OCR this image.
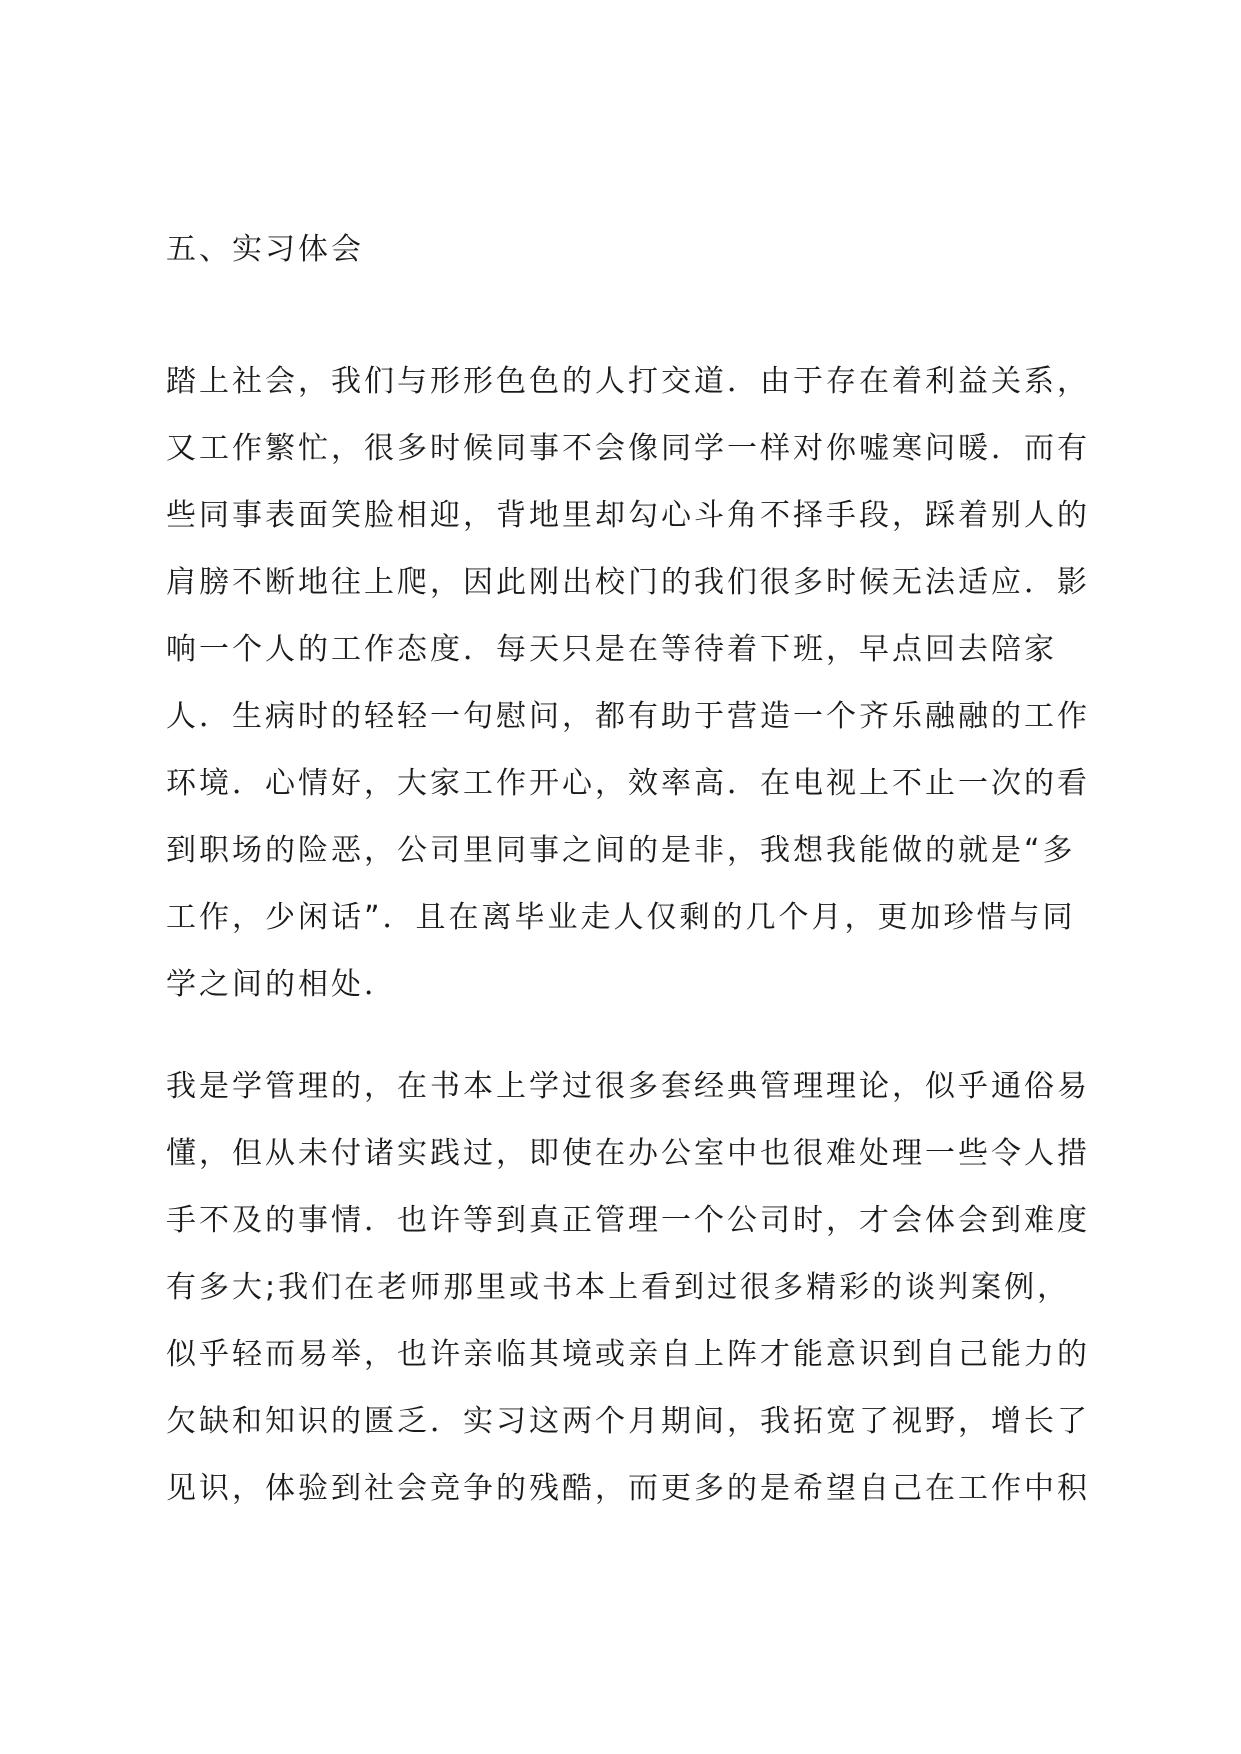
五、实习体会
踏上社会，我们与形形色色的人打交道．由于存在着利益关系，
又工作繁忙，很多时候同事不会像同学一样对你嘘寒问暖．而有
些同事表面笑脸相迎，背地里却勾心斗角不择手段，踩着别人的
肩膀不断地往上爬，因此刚出校门的我们很多时候无法适应．影
响一个人的工作态度．每天只是在等待着下班，早点回去陪家
人．生病时的轻轻一句慰问，都有助于营造一个齐乐融融的工作
环境．心情好，大家工作开心，效率高．在电视上不止一次的看
到职场的险恶，公司里同事之间的是非，我想我能做的就是“多
工作，少闲话”．且在离毕业走人仅剩的几个月，更加珍惜与同
学之间的相处．
我是学管理的，在书本上学过很多套经典管理理论，似乎通俗易
懂，但从未付诸实践过，即使在办公室中也很难处理一些令人措
手不及的事情．也许等到真正管理一个公司时，才会体会到难度
有多大;我们在老师那里或书本上看到过很多精彩的谈判案例，
似乎轻而易举，也许亲临其境或亲自上阵才能意识到自己能力的
欠缺和知识的匮乏．实习这两个月期间，我拓宽了视野，增长了
见识，体验到社会竞争的残酷，而更多的是希望自己在工作中积
